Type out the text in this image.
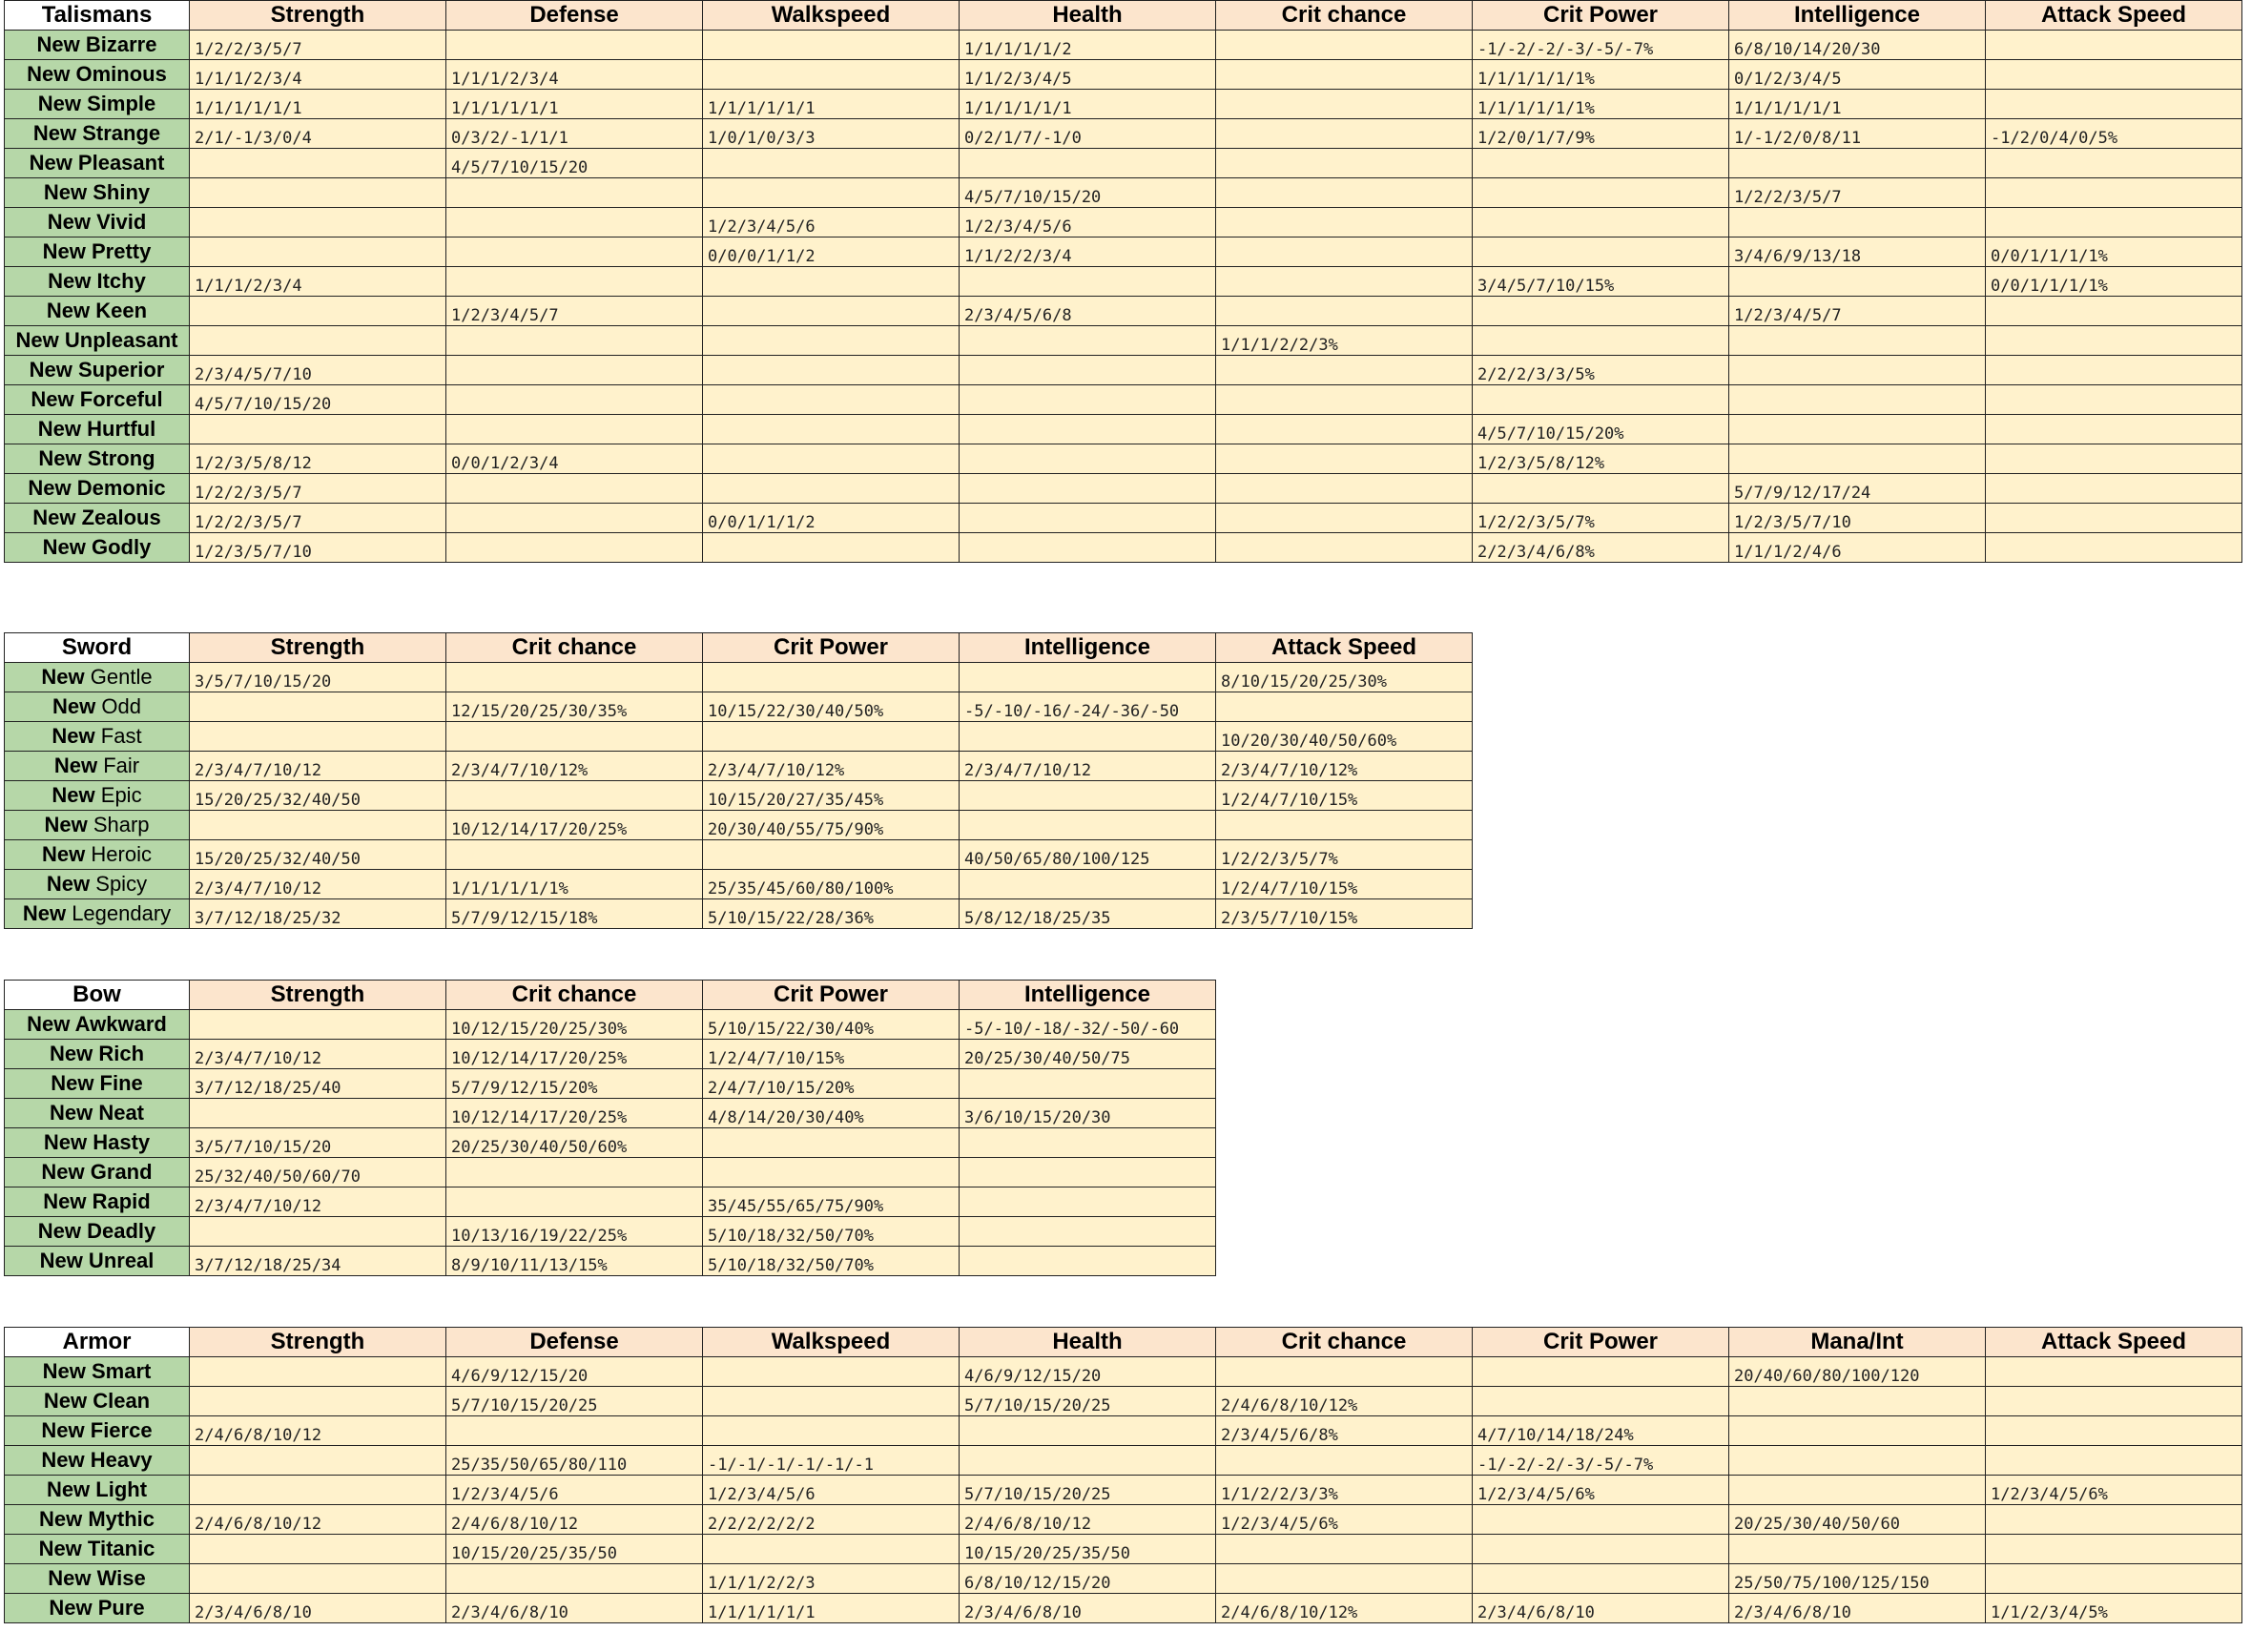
Talismans	Strength	Defense	Walkspeed	Health	Crit chance	Crit Power	Intelligence	Attack Speed
New Bizarre	1/2/2/3/5/7			1/1/1/1/1/2		-1/-2/-2/-3/-5/-7%	6/8/10/14/20/30	
New Ominous	1/1/1/2/3/4	1/1/1/2/3/4		1/1/2/3/4/5		1/1/1/1/1/1%	0/1/2/3/4/5	
New Simple	1/1/1/1/1/1	1/1/1/1/1/1	1/1/1/1/1/1	1/1/1/1/1/1		1/1/1/1/1/1%	1/1/1/1/1/1	
New Strange	2/1/-1/3/0/4	0/3/2/-1/1/1	1/0/1/0/3/3	0/2/1/7/-1/0		1/2/0/1/7/9%	1/-1/2/0/8/11	-1/2/0/4/0/5%
New Pleasant		4/5/7/10/15/20						
New Shiny				4/5/7/10/15/20			1/2/2/3/5/7	
New Vivid			1/2/3/4/5/6	1/2/3/4/5/6				
New Pretty			0/0/0/1/1/2	1/1/2/2/3/4			3/4/6/9/13/18	0/0/1/1/1/1%
New Itchy	1/1/1/2/3/4					3/4/5/7/10/15%		0/0/1/1/1/1%
New Keen		1/2/3/4/5/7		2/3/4/5/6/8			1/2/3/4/5/7	
New Unpleasant					1/1/1/2/2/3%			
New Superior	2/3/4/5/7/10					2/2/2/3/3/5%		
New Forceful	4/5/7/10/15/20							
New Hurtful						4/5/7/10/15/20%		
New Strong	1/2/3/5/8/12	0/0/1/2/3/4				1/2/3/5/8/12%		
New Demonic	1/2/2/3/5/7						5/7/9/12/17/24	
New Zealous	1/2/2/3/5/7		0/0/1/1/1/2			1/2/2/3/5/7%	1/2/3/5/7/10	
New Godly	1/2/3/5/7/10					2/2/3/4/6/8%	1/1/1/2/4/6	
Sword	Strength	Crit chance	Crit Power	Intelligence	Attack Speed
New Gentle	3/5/7/10/15/20				8/10/15/20/25/30%
New Odd		12/15/20/25/30/35%	10/15/22/30/40/50%	-5/-10/-16/-24/-36/-50	
New Fast					10/20/30/40/50/60%
New Fair	2/3/4/7/10/12	2/3/4/7/10/12%	2/3/4/7/10/12%	2/3/4/7/10/12	2/3/4/7/10/12%
New Epic	15/20/25/32/40/50		10/15/20/27/35/45%		1/2/4/7/10/15%
New Sharp		10/12/14/17/20/25%	20/30/40/55/75/90%		
New Heroic	15/20/25/32/40/50			40/50/65/80/100/125	1/2/2/3/5/7%
New Spicy	2/3/4/7/10/12	1/1/1/1/1/1%	25/35/45/60/80/100%		1/2/4/7/10/15%
New Legendary	3/7/12/18/25/32	5/7/9/12/15/18%	5/10/15/22/28/36%	5/8/12/18/25/35	2/3/5/7/10/15%
Bow	Strength	Crit chance	Crit Power	Intelligence
New Awkward		10/12/15/20/25/30%	5/10/15/22/30/40%	-5/-10/-18/-32/-50/-60
New Rich	2/3/4/7/10/12	10/12/14/17/20/25%	1/2/4/7/10/15%	20/25/30/40/50/75
New Fine	3/7/12/18/25/40	5/7/9/12/15/20%	2/4/7/10/15/20%	
New Neat		10/12/14/17/20/25%	4/8/14/20/30/40%	3/6/10/15/20/30
New Hasty	3/5/7/10/15/20	20/25/30/40/50/60%		
New Grand	25/32/40/50/60/70			
New Rapid	2/3/4/7/10/12		35/45/55/65/75/90%	
New Deadly		10/13/16/19/22/25%	5/10/18/32/50/70%	
New Unreal	3/7/12/18/25/34	8/9/10/11/13/15%	5/10/18/32/50/70%	
Armor	Strength	Defense	Walkspeed	Health	Crit chance	Crit Power	Mana/Int	Attack Speed
New Smart		4/6/9/12/15/20		4/6/9/12/15/20			20/40/60/80/100/120	
New Clean		5/7/10/15/20/25		5/7/10/15/20/25	2/4/6/8/10/12%			
New Fierce	2/4/6/8/10/12				2/3/4/5/6/8%	4/7/10/14/18/24%		
New Heavy		25/35/50/65/80/110	-1/-1/-1/-1/-1/-1			-1/-2/-2/-3/-5/-7%		
New Light		1/2/3/4/5/6	1/2/3/4/5/6	5/7/10/15/20/25	1/1/2/2/3/3%	1/2/3/4/5/6%		1/2/3/4/5/6%
New Mythic	2/4/6/8/10/12	2/4/6/8/10/12	2/2/2/2/2/2	2/4/6/8/10/12	1/2/3/4/5/6%		20/25/30/40/50/60	
New Titanic		10/15/20/25/35/50		10/15/20/25/35/50				
New Wise			1/1/1/2/2/3	6/8/10/12/15/20			25/50/75/100/125/150	
New Pure	2/3/4/6/8/10	2/3/4/6/8/10	1/1/1/1/1/1	2/3/4/6/8/10	2/4/6/8/10/12%	2/3/4/6/8/10	2/3/4/6/8/10	1/1/2/3/4/5%
